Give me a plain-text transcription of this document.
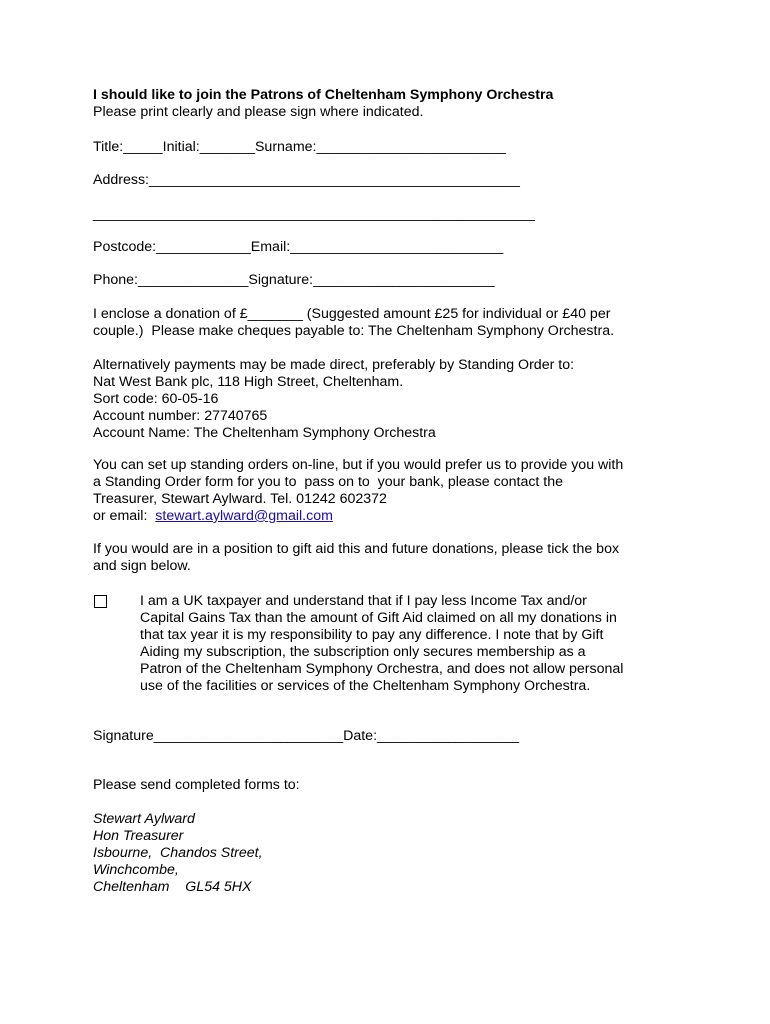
I should like to join the Patrons of Cheltenham Symphony Orchestra
Please print clearly and please sign where indicated.
Title:_____Initial:_______Surname:________________________
Address:_______________________________________________
________________________________________________________
Postcode:____________Email:___________________________
Phone:______________Signature:_______________________
I enclose a donation of £_______ (Suggested amount £25 for individual or £40 per
couple.)  Please make cheques payable to: The Cheltenham Symphony Orchestra.
Alternatively payments may be made direct, preferably by Standing Order to:
Nat West Bank plc, 118 High Street, Cheltenham.
Sort code: 60-05-16
Account number: 27740765
Account Name: The Cheltenham Symphony Orchestra
You can set up standing orders on-line, but if you would prefer us to provide you with
a Standing Order form for you to  pass on to  your bank, please contact the
Treasurer, Stewart Aylward. Tel. 01242 602372
or email:  stewart.aylward@gmail.com
If you would are in a position to gift aid this and future donations, please tick the box
and sign below.
I am a UK taxpayer and understand that if I pay less Income Tax and/or
Capital Gains Tax than the amount of Gift Aid claimed on all my donations in
that tax year it is my responsibility to pay any difference. I note that by Gift
Aiding my subscription, the subscription only secures membership as a
Patron of the Cheltenham Symphony Orchestra, and does not allow personal
use of the facilities or services of the Cheltenham Symphony Orchestra.
Signature________________________Date:__________________
Please send completed forms to:
Stewart Aylward
Hon Treasurer
Isbourne,  Chandos Street,
Winchcombe,
Cheltenham    GL54 5HX
